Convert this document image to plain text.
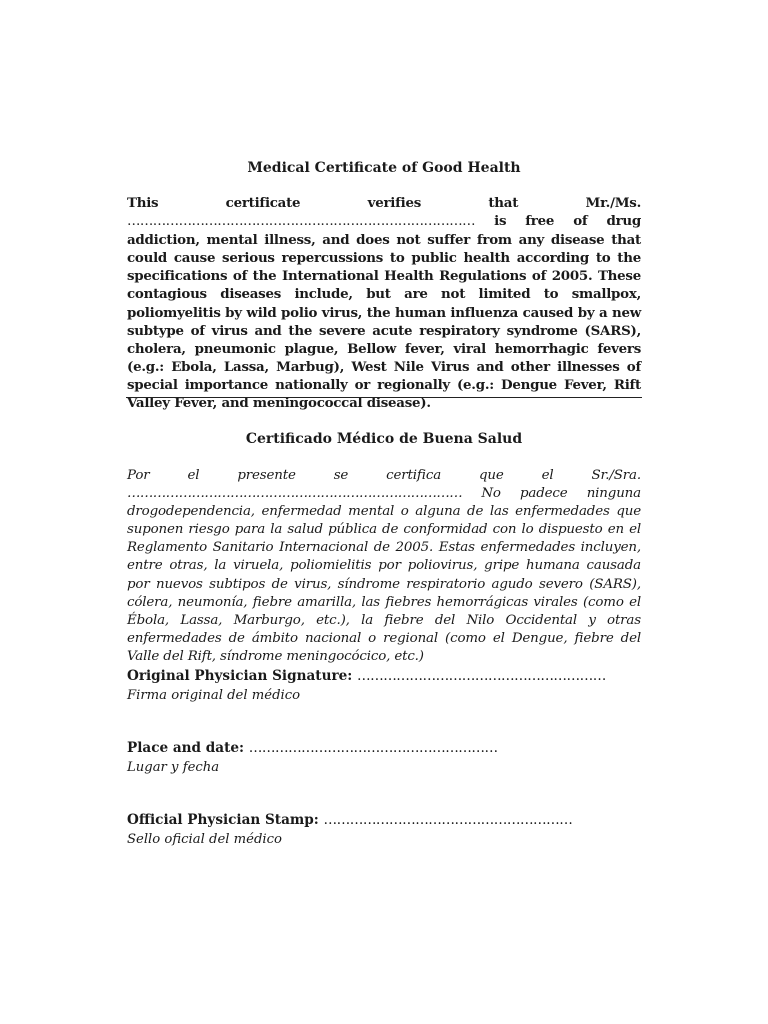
Medical Certificate of Good Health

This certificate verifies that Mr./Ms. ……………………………………………………………………… is free of drug addiction, mental illness, and does not suffer from any disease that could cause serious repercussions to public health according to the specifications of the International Health Regulations of 2005. These contagious diseases include, but are not limited to smallpox, poliomyelitis by wild polio virus, the human influenza caused by a new subtype of virus and the severe acute respiratory syndrome (SARS), cholera, pneumonic plague, Bellow fever, viral hemorrhagic fevers (e.g.: Ebola, Lassa, Marbug), West Nile Virus and other illnesses of special importance nationally or regionally (e.g.: Dengue Fever, Rift Valley Fever, and meningococcal disease).

Certificado Médico de Buena Salud

Por el presente se certifica que el Sr./Sra. …………………………………………………………………… No padece ninguna drogodependencia, enfermedad mental o alguna de las enfermedades que suponen riesgo para la salud pública de conformidad con lo dispuesto en el Reglamento Sanitario Internacional de 2005. Estas enfermedades incluyen, entre otras, la viruela, poliomielitis por poliovirus, gripe humana causada por nuevos subtipos de virus, síndrome respiratorio agudo severo (SARS), cólera, neumonía, fiebre amarilla, las fiebres hemorrágicas virales (como el Ébola, Lassa, Marburgo, etc.), la fiebre del Nilo Occidental y otras enfermedades de ámbito nacional o regional (como el Dengue, fiebre del Valle del Rift, síndrome meningocócico, etc.)

Original Physician Signature: …………………………………………………
Firma original del médico
Place and date: …………………………………………………
Lugar y fecha
Official Physician Stamp: …………………………………………………
Sello oficial del médico
